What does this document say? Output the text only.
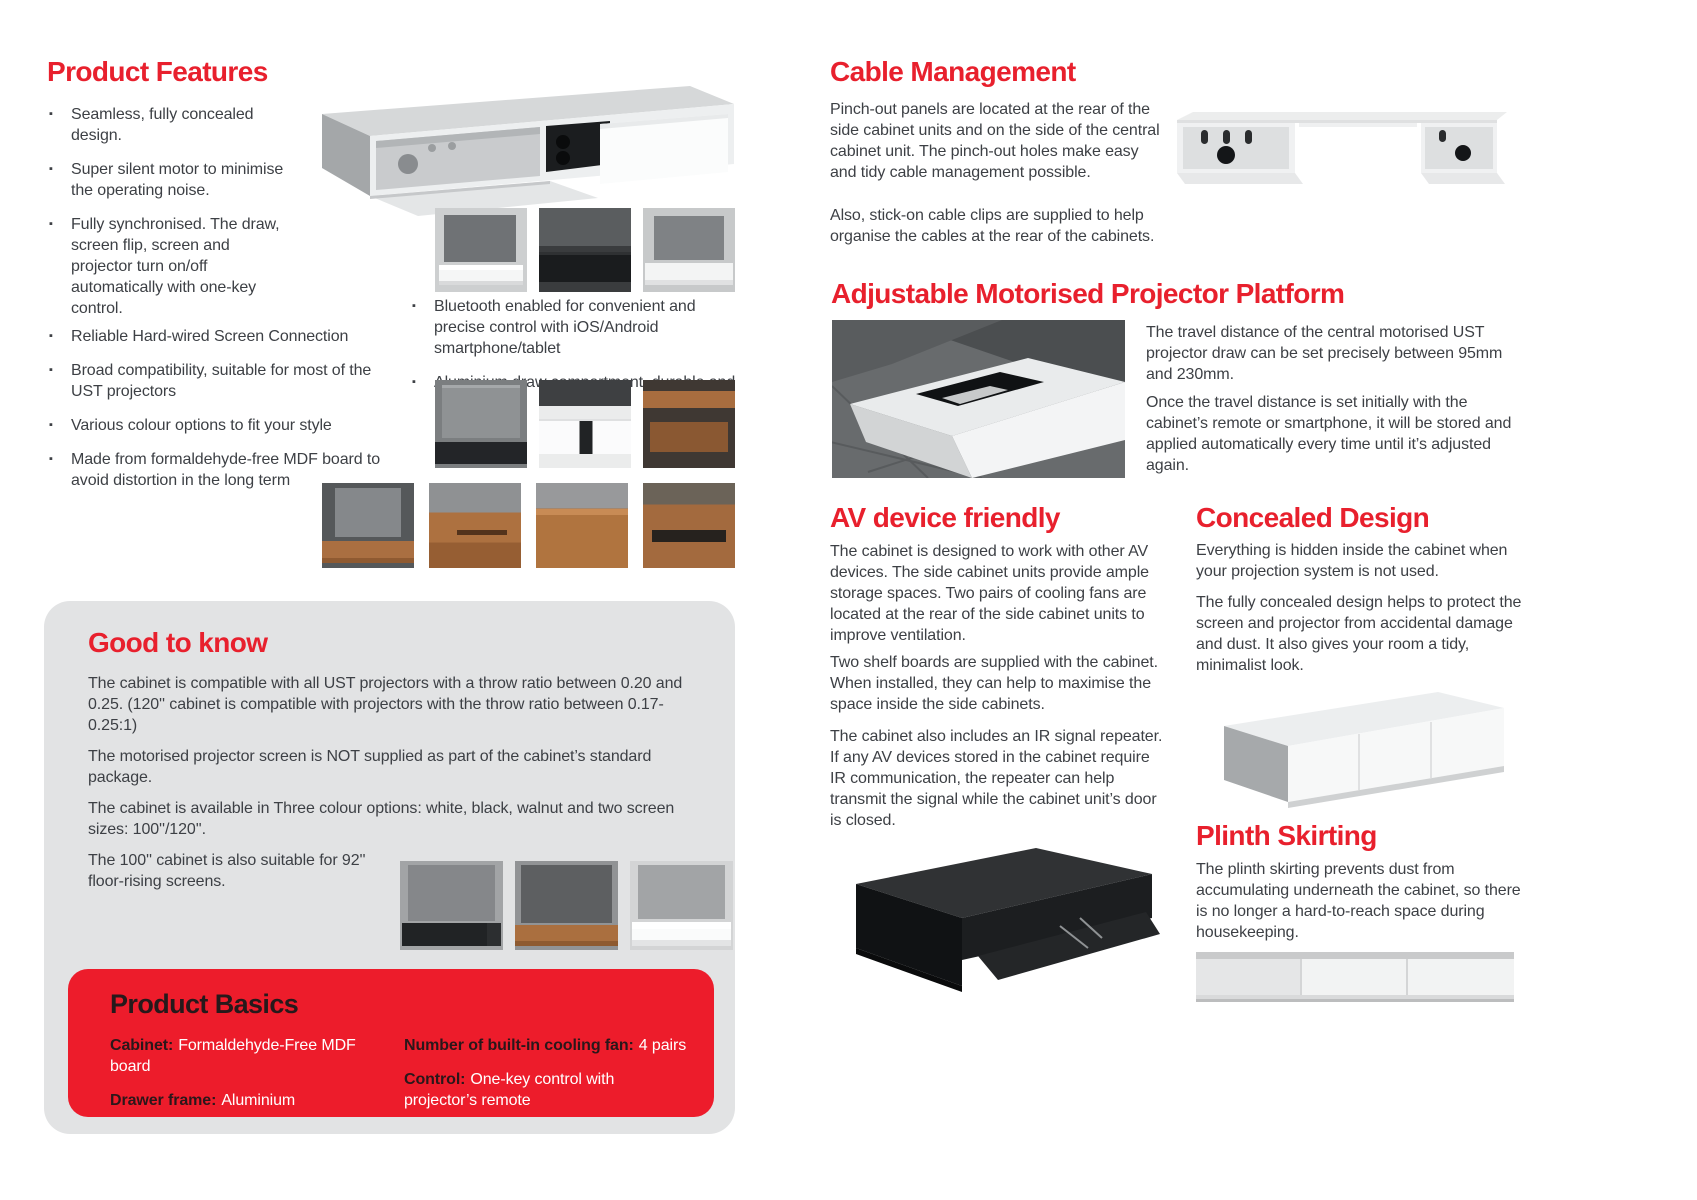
Product Features
▪ Seamless, fully concealed design.
▪ Super silent motor to minimise the operating noise.
▪ Fully synchronised. The draw, screen flip, screen and projector turn on/off automatically with one-key control.
▪ Reliable Hard-wired Screen Connection
▪ Broad compatibility, suitable for most of the UST projectors
▪ Various colour options to fit your style
▪ Made from formaldehyde-free MDF board to avoid distortion in the long term
▪ Bluetooth enabled for convenient and precise control with iOS/Android smartphone/tablet
▪ draw
Good to know

The cabinet is compatible with all UST projectors with a throw ratio between 0.20 and 0.25. (120'' cabinet is compatible with projectors with the throw ratio between 0.17-0.25:1)

The motorised projector screen is NOT supplied as part of the cabinet’s standard package.

The cabinet is available in Three colour options: white, black, walnut and two screen sizes: 100''/120''.

The 100'' cabinet is also suitable for 92'' floor-rising screens.

Product Basics
Cabinet: Formaldehyde-Free MDF board
Drawer frame: Aluminium
Number of built-in cooling fan: 4 pairs
Control: One-key control with projector’s remote
Cable Management

Pinch-out panels are located at the rear of the side cabinet units and on the side of the central cabinet unit. The pinch-out holes make easy and tidy cable management possible.

Also, stick-on cable clips are supplied to help organise the cables at the rear of the cabinets.

Adjustable Motorised Projector Platform

The travel distance of the central motorised UST projector draw can be set precisely between 95mm and 230mm.

Once the travel distance is set initially with the cabinet’s remote or smartphone, it will be stored and applied automatically every time until it’s adjusted again.

AV device friendly

The cabinet is designed to work with other AV devices. The side cabinet units provide ample storage spaces. Two pairs of cooling fans are located at the rear of the side cabinet units to improve ventilation.

Two shelf boards are supplied with the cabinet. When installed, they can help to maximise the space inside the side cabinets.

The cabinet also includes an IR signal repeater. If any AV devices stored in the cabinet require IR communication, the repeater can help transmit the signal while the cabinet unit’s door is closed.

Concealed Design

Everything is hidden inside the cabinet when your projection system is not used.

The fully concealed design helps to protect the screen and projector from accidental damage and dust. It also gives your room a tidy, minimalist look.

Plinth Skirting

The plinth skirting prevents dust from accumulating underneath the cabinet, so there is no longer a hard-to-reach space during housekeeping.
